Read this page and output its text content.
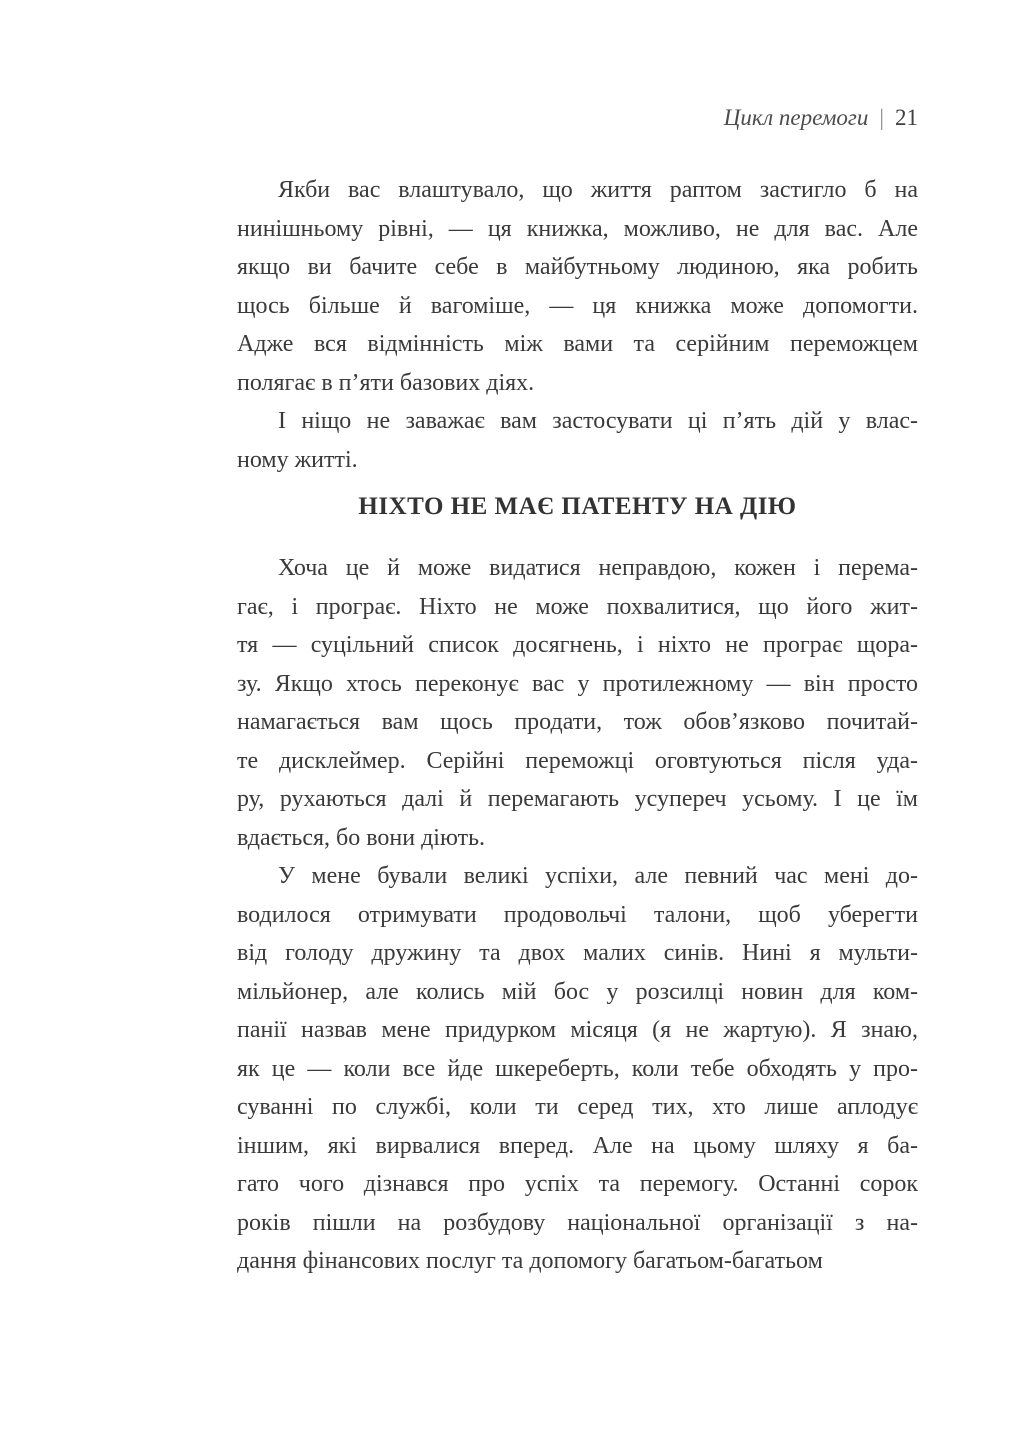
Цикл перемоги | 21

Якби вас влаштувало, що життя раптом застигло б на
нинішньому рівні, — ця книжка, можливо, не для вас. Але
якщо ви бачите себе в майбутньому людиною, яка робить
щось більше й вагоміше, — ця книжка може допомогти.
Адже вся відмінність між вами та серійним переможцем
полягає в п’яти базових діях.

І ніщо не заважає вам застосувати ці п’ять дій у влас-
ному житті.

НІХТО НЕ МАЄ ПАТЕНТУ НА ДІЮ

Хоча це й може видатися неправдою, кожен і перема-
гає, і програє. Ніхто не може похвалитися, що його жит-
тя — суцільний список досягнень, і ніхто не програє щора-
зу. Якщо хтось переконує вас у протилежному — він просто
намагається вам щось продати, тож обов’язково почитай-
те дисклеймер. Серійні переможці оговтуються після уда-
ру, рухаються далі й перемагають усупереч усьому. І це їм
вдається, бо вони діють.

У мене бували великі успіхи, але певний час мені до-
водилося отримувати продовольчі талони, щоб уберегти
від голоду дружину та двох малих синів. Нині я мульти-
мільйонер, але колись мій бос у розсилці новин для ком-
панії назвав мене придурком місяця (я не жартую). Я знаю,
як це — коли все йде шкереберть, коли тебе обходять у про-
суванні по службі, коли ти серед тих, хто лише аплодує
іншим, які вирвалися вперед. Але на цьому шляху я ба-
гато чого дізнався про успіх та перемогу. Останні сорок
років пішли на розбудову національної організації з на-
дання фінансових послуг та допомогу багатьом-багатьом
